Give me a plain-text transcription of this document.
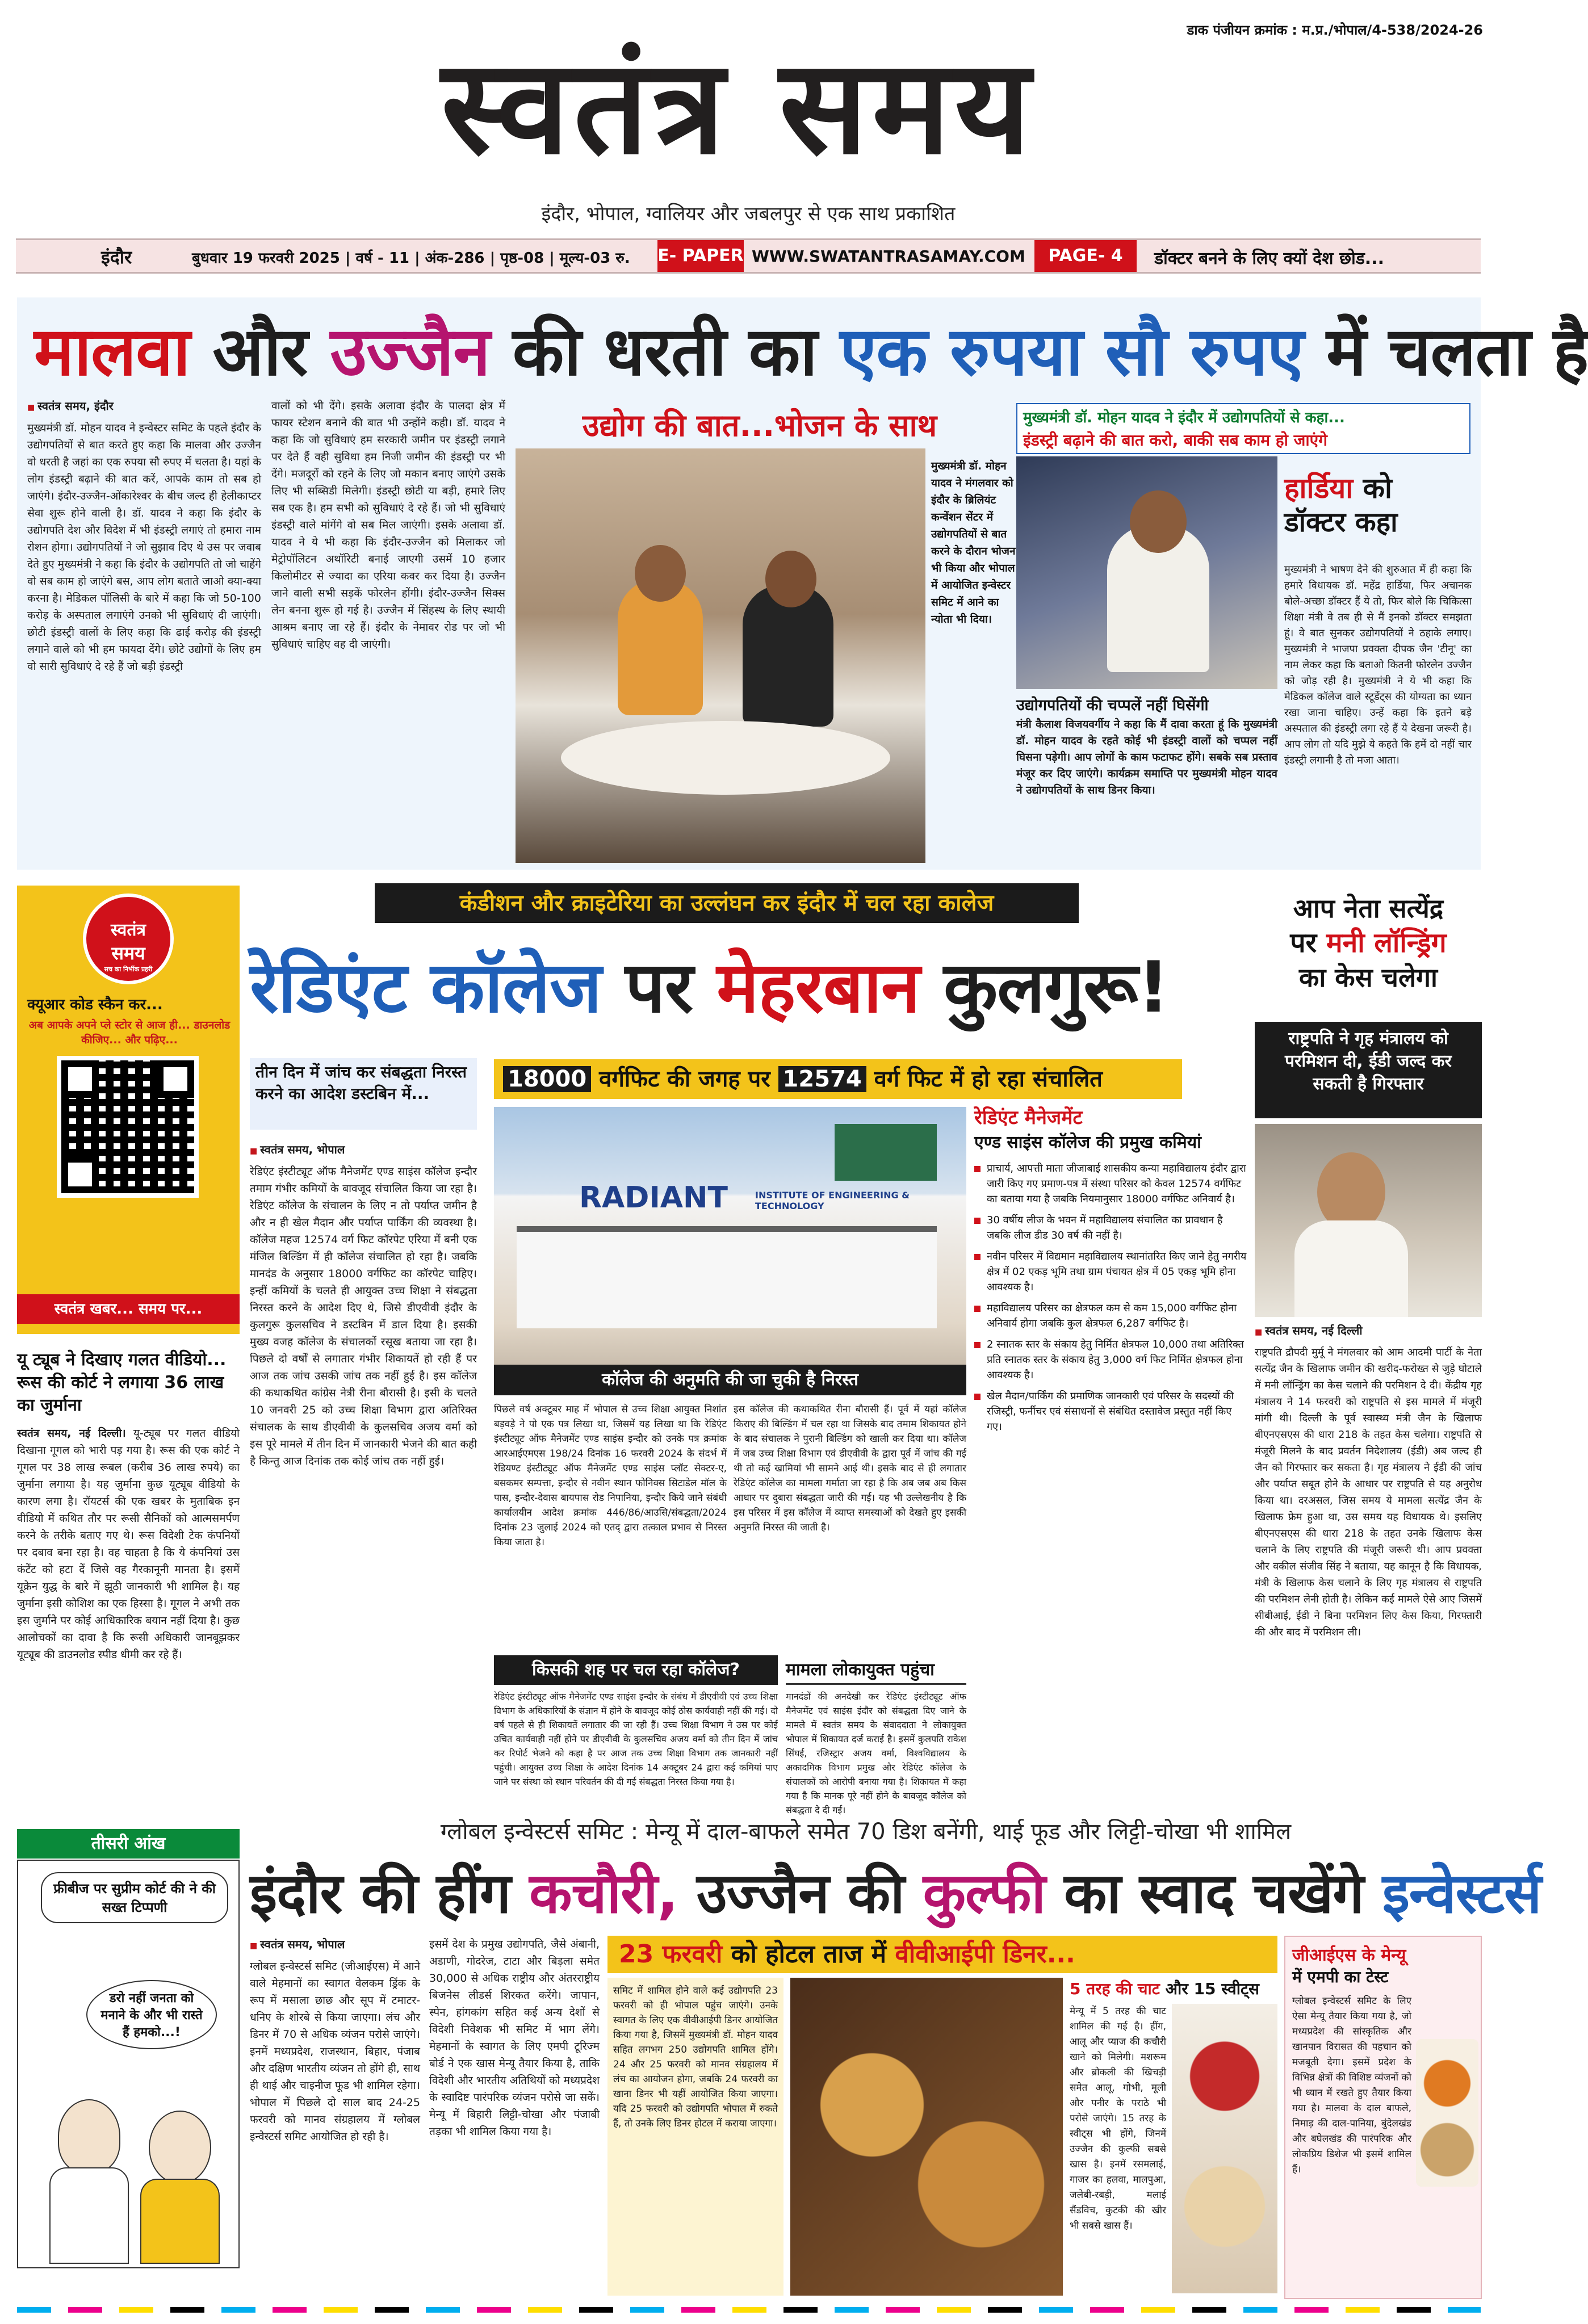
डाक पंजीयन क्रमांक : म.प्र./भोपाल/4-538/2024-26
स्वतंत्र समय
इंदौर, भोपाल, ग्वालियर और जबलपुर से एक साथ प्रकाशित
इंदौर	बुधवार 19 फरवरी 2025 | वर्ष - 11 | अंक-286 | पृष्ठ-08 | मूल्य-03 रु. E- PAPER WWW.SWATANTRASAMAY.COM	PAGE- 4	डॉक्टर बनने के लिए क्यों देश छोड...
मालवा और उज्जैन की धरती का एक रुपया सौ रुपए में चलता है
■ स्वतंत्र समय, इंदौर

मुख्यमंत्री डॉ. मोहन यादव ने इन्वेस्टर समिट के पहले इंदौर के उद्योगपतियों से बात करते हुए कहा कि मालवा और उज्जैन वो धरती है जहां का एक रुपया सौ रुपए में चलता है। यहां के लोग इंडस्ट्री बढ़ाने की बात करें, आपके काम तो सब हो जाएंगे। इंदौर-उज्जैन-ओंकारेश्वर के बीच जल्द ही हेलीकाप्टर सेवा शुरू होने वाली है। डॉ. यादव ने कहा कि इंदौर के उद्योगपति देश और विदेश में भी इंडस्ट्री लगाएं तो हमारा नाम रोशन होगा। उद्योगपतियों ने जो सुझाव दिए थे उस पर जवाब देते हुए मुख्यमंत्री ने कहा कि इंदौर के उद्योगपति तो जो चाहेंगे वो सब काम हो जाएंगे बस, आप लोग बताते जाओ क्या-क्या करना है। मेडिकल पॉलिसी के बारे में कहा कि जो 50-100 करोड़ के अस्पताल लगाएंगे उनको भी सुविधाएं दी जाएंगी। छोटी इंडस्ट्री वालों के लिए कहा कि ढाई करोड़ की इंडस्ट्री लगाने वाले को भी हम फायदा देंगे। छोटे उद्योगों के लिए हम वो सारी सुविधाएं दे रहे हैं जो बड़ी इंडस्ट्री

वालों को भी देंगे। इसके अलावा इंदौर के पालदा क्षेत्र में फायर स्टेशन बनाने की बात भी उन्होंने कही। डॉ. यादव ने कहा कि जो सुविधाएं हम सरकारी जमीन पर इंडस्ट्री लगाने पर देते हैं वही सुविधा हम निजी जमीन की इंडस्ट्री पर भी देंगे। मजदूरों को रहने के लिए जो मकान बनाए जाएंगे उसके लिए भी सब्सिडी मिलेगी। इंडस्ट्री छोटी या बड़ी, हमारे लिए सब एक है। हम सभी को सुविधाएं दे रहे हैं। जो भी सुविधाएं इंडस्ट्री वाले मांगेंगे वो सब मिल जाएंगी। इसके अलावा डॉ. यादव ने ये भी कहा कि इंदौर-उज्जैन को मिलाकर जो मेट्रोपॉलिटन अथॉरिटी बनाई जाएगी उसमें 10 हजार किलोमीटर से ज्यादा का एरिया कवर कर दिया है। उज्जैन जाने वाली सभी सड़कें फोरलेन होंगी। इंदौर-उज्जैन सिक्स लेन बनना शुरू हो गई है। उज्जैन में सिंहस्थ के लिए स्थायी आश्रम बनाए जा रहे हैं। इंदौर के नेमावर रोड पर जो भी सुविधाएं चाहिए वह दी जाएंगी।

उद्योग की बात...भोजन के साथ
मुख्यमंत्री डॉ. मोहन यादव ने मंगलवार को इंदौर के ब्रिलियंट कन्वेंशन सेंटर में उद्योगपतियों से बात करने के दौरान भोजन भी किया और भोपाल में आयोजित इन्वेस्टर समिट में आने का न्योता भी दिया।
मुख्यमंत्री डॉ. मोहन यादव ने इंदौर में उद्योगपतियों से कहा...
इंडस्ट्री बढ़ाने की बात करो, बाकी सब काम हो जाएंगे
हार्डिया को
डॉक्टर कहा
मुख्यमंत्री ने भाषण देने की शुरुआत में ही कहा कि हमारे विधायक डॉ. महेंद्र हार्डिया, फिर अचानक बोले-अच्छा डॉक्टर हैं ये तो, फिर बोले कि चिकित्सा शिक्षा मंत्री वे तब ही से मैं इनको डॉक्टर समझता हूं। वे बात सुनकर उद्योगपतियों ने ठहाके लगाए। मुख्यमंत्री ने भाजपा प्रवक्ता दीपक जैन 'टीनू' का नाम लेकर कहा कि बताओ कितनी फोरलेन उज्जैन को जोड़ रही है। मुख्यमंत्री ने ये भी कहा कि मेडिकल कॉलेज वाले स्टूडेंट्स की योग्यता का ध्यान रखा जाना चाहिए। उन्हें कहा कि इतने बड़े अस्पताल की इंडस्ट्री लगा रहे हैं ये देखना जरूरी है। आप लोग तो यदि मुझे ये कहते कि हमें दो नहीं चार इंडस्ट्री लगानी है तो मजा आता।
उद्योगपतियों की चप्पलें नहीं घिसेंगी
मंत्री कैलाश विजयवर्गीय ने कहा कि मैं दावा करता हूं कि मुख्यमंत्री डॉ. मोहन यादव के रहते कोई भी इंडस्ट्री वालों को चप्पल नहीं घिसना पड़ेगी। आप लोगों के काम फटाफट होंगे। सबके सब प्रस्ताव मंजूर कर दिए जाएंगे। कार्यक्रम समाप्ति पर मुख्यमंत्री मोहन यादव ने उद्योगपतियों के साथ डिनर किया।
स्वतंत्र
समय
सच का निर्भीक प्रहरी
क्यूआर कोड स्कैन कर...
अब आपके अपने प्ले स्टोर से आज ही... डाउनलोड कीजिए... और पढ़िए...
स्वतंत्र खबर... समय पर...
यू ट्यूब ने दिखाए गलत वीडियो... रूस की कोर्ट ने लगाया 36 लाख का जुर्माना
स्वतंत्र समय, नई दिल्ली। यू-ट्यूब पर गलत वीडियो दिखाना गूगल को भारी पड़ गया है। रूस की एक कोर्ट ने गूगल पर 38 लाख रूबल (करीब 36 लाख रुपये) का जुर्माना लगाया है। यह जुर्माना कुछ यूट्यूब वीडियो के कारण लगा है। रॉयटर्स की एक खबर के मुताबिक इन वीडियो में कथित तौर पर रूसी सैनिकों को आत्मसमर्पण करने के तरीके बताए गए थे। रूस विदेशी टेक कंपनियों पर दबाव बना रहा है। वह चाहता है कि ये कंपनियां उस कंटेंट को हटा दें जिसे वह गैरकानूनी मानता है। इसमें यूक्रेन युद्ध के बारे में झूठी जानकारी भी शामिल है। यह जुर्माना इसी कोशिश का एक हिस्सा है। गूगल ने अभी तक इस जुर्माने पर कोई आधिकारिक बयान नहीं दिया है। कुछ आलोचकों का दावा है कि रूसी अधिकारी जानबूझकर यूट्यूब की डाउनलोड स्पीड धीमी कर रहे हैं।
तीसरी आंख
फ्रीबीज पर सुप्रीम कोर्ट की ने की सख्त टिप्पणी
डरो नहीं जनता को मनाने के और भी रास्ते हैं हमको...!
कंडीशन और क्राइटेरिया का उल्लंघन कर इंदौर में चल रहा कालेज
रेडिएंट कॉलेज पर मेहरबान कुलगुरू!
तीन दिन में जांच कर संबद्धता निरस्त करने का आदेश डस्टबिन में...
■ स्वतंत्र समय, भोपाल

रेडिएंट इंस्टीट्यूट ऑफ मैनेजमेंट एण्ड साइंस कॉलेज इन्दौर तमाम गंभीर कमियों के बावजूद संचालित किया जा रहा है। रेडिएंट कॉलेज के संचालन के लिए न तो पर्याप्त जमीन है और न ही खेल मैदान और पर्याप्त पार्किंग की व्यवस्था है। कॉलेज महज 12574 वर्ग फिट कॉरपेट एरिया में बनी एक मंजिल बिल्डिंग में ही कॉलेज संचालित हो रहा है। जबकि मानदंड के अनुसार 18000 वर्गफिट का कॉरपेट चाहिए। इन्हीं कमियों के चलते ही आयुक्त उच्च शिक्षा ने संबद्धता निरस्त करने के आदेश दिए थे, जिसे डीएवीवी इंदौर के कुलगुरू कुलसचिव ने डस्टबिन में डाल दिया है। इसकी मुख्य वजह कॉलेज के संचालकों रसूख बताया जा रहा है। पिछले दो वर्षों से लगातार गंभीर शिकायतें हो रही हैं पर आज तक जांच उसकी जांच तक नहीं हुई है। इस कॉलेज की कथाकथित कांग्रेस नेत्री रीना बौरासी है। इसी के चलते 10 जनवरी 25 को उच्च शिक्षा विभाग द्वारा अतिरिक्त संचालक के साथ डीएवीवी के कुलसचिव अजय वर्मा को इस पूरे मामले में तीन दिन में जानकारी भेजने की बात कही है किन्तु आज दिनांक तक कोई जांच तक नहीं हुई।

18000 वर्गफिट की जगह पर 12574 वर्ग फिट में हो रहा संचालित
RADIANT	INSTITUTE OF ENGINEERING & TECHNOLOGY
कॉलेज की अनुमति की जा चुकी है निरस्त
पिछले वर्ष अक्टूबर माह में भोपाल से उच्च शिक्षा आयुक्त निशांत बड़वड़े ने पो एक पत्र लिखा था, जिसमें यह लिखा था कि रेडिएंट इंस्टीट्यूट ऑफ मैनेजमेंट एण्ड साइंस इन्दौर को उनके पत्र क्रमांक आरआईएमएस 198/24 दिनांक 16 फरवरी 2024 के संदर्भ में रेडियण्ट इंस्टीट्यूट ऑफ मैनेजमेंट एण्ड साइंस प्लॉट सेक्टर-ए, बसकमर सम्पत्ता, इन्दौर से नवीन स्थान फोनिक्स सिटाडेल मॉल के पास, इन्दौर-देवास बायपास रोड निपानिया, इन्दौर किये जाने संबंधी कार्यालयीन आदेश क्रमांक 446/86/आउसि/संबद्धता/2024 दिनांक 23 जुलाई 2024 को एतद् द्वारा तत्काल प्रभाव से निरस्त किया जाता है।
इस कॉलेज की कथाकथित रीना बौरासी हैं। पूर्व में यहां कॉलेज किराए की बिल्डिंग में चल रहा था जिसके बाद तमाम शिकायत होने के बाद संचालक ने पुरानी बिल्डिंग को खाली कर दिया था। कॉलेज में जब उच्च शिक्षा विभाग एवं डीएवीवी के द्वारा पूर्व में जांच की गई थी तो कई खामियां भी सामने आई थी। इसके बाद से ही लगातार रेडिएंट कॉलेज का मामला गर्माता जा रहा है कि अब जब अब किस आधार पर दुबारा संबद्धता जारी की गई। यह भी उल्लेखनीय है कि इस परिसर में इस कॉलेज में व्याप्त समस्याओं को देखते हुए इसकी अनुमति निरस्त की जाती है।
किसकी शह पर चल रहा कॉलेज?
रेडिएंट इंस्टीट्यूट ऑफ मैनेजमेंट एण्ड साइंस इन्दौर के संबंध में डीएवीवी एवं उच्च शिक्षा विभाग के अधिकारियों के संज्ञान में होने के बावजूद कोई ठोस कार्यवाही नहीं की गई। दो वर्ष पहले से ही शिकायतें लगातार की जा रही हैं। उच्च शिक्षा विभाग ने उस पर कोई उचित कार्यवाही नहीं होने पर डीएवीवी के कुलसचिव अजय वर्मा को तीन दिन में जांच कर रिपोर्ट भेजने को कहा है पर आज तक उच्च शिक्षा विभाग तक जानकारी नहीं पहुंची। आयुक्त उच्च शिक्षा के आदेश दिनांक 14 अक्टूबर 24 द्वारा कई कमियां पाए जाने पर संस्था को स्थान परिवर्तन की दी गई संबद्धता निरस्त किया गया है।
मामला लोकायुक्त पहुंचा
मानदंडों की अनदेखी कर रेडिएंट इंस्टीट्यूट ऑफ मैनेजमेंट एवं साइंस इंदौर को संबद्धता दिए जाने के मामले में स्वतंत्र समय के संवाददाता ने लोकायुक्त भोपाल में शिकायत दर्ज कराई है। इसमें कुलपति राकेश सिंघई, रजिस्ट्रार अजय वर्मा, विश्वविद्यालय के अकादमिक विभाग प्रमुख और रेडिएंट कॉलेज के संचालकों को आरोपी बनाया गया है। शिकायत में कहा गया है कि मानक पूरे नहीं होने के बावजूद कॉलेज को संबद्धता दे दी गई।
रेडिएंट मैनेजमेंट
एण्ड साइंस कॉलेज की प्रमुख कमियां
प्राचार्य, आपत्ती माता जीजाबाई शासकीय कन्या महाविद्यालय इंदौर द्वारा जारी किए गए प्रमाण-पत्र में संस्था परिसर को केवल 12574 वर्गफिट का बताया गया है जबकि नियमानुसार 18000 वर्गफिट अनिवार्य है।
30 वर्षीय लीज के भवन में महाविद्यालय संचालित का प्रावधान है जबकि लीज डीड 30 वर्ष की नहीं है।
नवीन परिसर में विद्यमान महाविद्यालय स्थानांतरित किए जाने हेतु नगरीय क्षेत्र में 02 एकड़ भूमि तथा ग्राम पंचायत क्षेत्र में 05 एकड़ भूमि होना आवश्यक है।
महाविद्यालय परिसर का क्षेत्रफल कम से कम 15,000 वर्गफिट होना अनिवार्य होगा जबकि कुल क्षेत्रफल 6,287 वर्गफिट है।
2 स्नातक स्तर के संकाय हेतु निर्मित क्षेत्रफल 10,000 तथा अतिरिक्त प्रति स्नातक स्तर के संकाय हेतु 3,000 वर्ग फिट निर्मित क्षेत्रफल होना आवश्यक है।
खेल मैदान/पार्किंग की प्रमाणिक जानकारी एवं परिसर के सदस्यों की रजिस्ट्री, फर्नीचर एवं संसाधनों से संबंधित दस्तावेज प्रस्तुत नहीं किए गए।
आप नेता सत्येंद्र
पर मनी लॉन्ड्रिंग
का केस चलेगा
राष्ट्रपति ने गृह मंत्रालय को परमिशन दी, ईडी जल्द कर सकती है गिरफ्तार
■ स्वतंत्र समय, नई दिल्ली

राष्ट्रपति द्रौपदी मुर्मू ने मंगलवार को आम आदमी पार्टी के नेता सत्येंद्र जैन के खिलाफ जमीन की खरीद-फरोख्त से जुड़े घोटाले में मनी लॉन्ड्रिंग का केस चलाने की परमिशन दे दी। केंद्रीय गृह मंत्रालय ने 14 फरवरी को राष्ट्रपति से इस मामले में मंजूरी मांगी थी। दिल्ली के पूर्व स्वास्थ्य मंत्री जैन के खिलाफ बीएनएसएस की धारा 218 के तहत केस चलेगा। राष्ट्रपति से मंजूरी मिलने के बाद प्रवर्तन निदेशालय (ईडी) अब जल्द ही जैन को गिरफ्तार कर सकता है। गृह मंत्रालय ने ईडी की जांच और पर्याप्त सबूत होने के आधार पर राष्ट्रपति से यह अनुरोध किया था। दरअसल, जिस समय ये मामला सत्येंद्र जैन के खिलाफ फ्रेम हुआ था, उस समय यह विधायक थे। इसलिए बीएनएसएस की धारा 218 के तहत उनके खिलाफ केस चलाने के लिए राष्ट्रपति की मंजूरी जरूरी थी। आप प्रवक्ता और वकील संजीव सिंह ने बताया, यह कानून है कि विधायक, मंत्री के खिलाफ केस चलाने के लिए गृह मंत्रालय से राष्ट्रपति की परमिशन लेनी होती है। लेकिन कई मामले ऐसे आए जिसमें सीबीआई, ईडी ने बिना परमिशन लिए केस किया, गिरफ्तारी की और बाद में परमिशन ली।

ग्लोबल इन्वेस्टर्स समिट : मेन्यू में दाल-बाफले समेत 70 डिश बनेंगी, थाई फूड और लिट्टी-चोखा भी शामिल
इंदौर की हींग कचौरी, उज्जैन की कुल्फी का स्वाद चखेंगे इन्वेस्टर्स
■ स्वतंत्र समय, भोपाल

ग्लोबल इन्वेस्टर्स समिट (जीआईएस) में आने वाले मेहमानों का स्वागत वेलकम ड्रिंक के रूप में मसाला छाछ और सूप में टमाटर-धनिए के शोरबे से किया जाएगा। लंच और डिनर में 70 से अधिक व्यंजन परोसे जाएंगे। इनमें मध्यप्रदेश, राजस्थान, बिहार, पंजाब और दक्षिण भारतीय व्यंजन तो होंगे ही, साथ ही थाई और चाइनीज फूड भी शामिल रहेगा। भोपाल में पिछले दो साल बाद 24-25 फरवरी को मानव संग्रहालय में ग्लोबल इन्वेस्टर्स समिट आयोजित हो रही है।

इसमें देश के प्रमुख उद्योगपति, जैसे अंबानी, अडाणी, गोदरेज, टाटा और बिड़ला समेत 30,000 से अधिक राष्ट्रीय और अंतरराष्ट्रीय बिजनेस लीडर्स शिरकत करेंगे। जापान, स्पेन, हांगकांग सहित कई अन्य देशों से विदेशी निवेशक भी समिट में भाग लेंगे। मेहमानों के स्वागत के लिए एमपी टूरिज्म बोर्ड ने एक खास मेन्यू तैयार किया है, ताकि विदेशी और भारतीय अतिथियों को मध्यप्रदेश के स्वादिष्ट पारंपरिक व्यंजन परोसे जा सकें। मेन्यू में बिहारी लिट्टी-चोखा और पंजाबी तड़का भी शामिल किया गया है।
23 फरवरी को होटल ताज में वीवीआईपी डिनर...
समिट में शामिल होने वाले कई उद्योगपति 23 फरवरी को ही भोपाल पहुंच जाएंगे। उनके स्वागत के लिए एक वीवीआईपी डिनर आयोजित किया गया है, जिसमें मुख्यमंत्री डॉ. मोहन यादव सहित लगभग 250 उद्योगपति शामिल होंगे। 24 और 25 फरवरी को मानव संग्रहालय में लंच का आयोजन होगा, जबकि 24 फरवरी का खाना डिनर भी यहीं आयोजित किया जाएगा। यदि 25 फरवरी को उद्योगपति भोपाल में रुकते हैं, तो उनके लिए डिनर होटल में कराया जाएगा।
5 तरह की चाट और 15 स्वीट्स
मेन्यू में 5 तरह की चाट शामिल की गई है। हींग, आलू और प्याज की कचौरी खाने को मिलेगी। मशरूम और ब्रोकली की खिचड़ी समेत आलू, गोभी, मूली और पनीर के पराठे भी परोसे जाएंगे। 15 तरह के स्वीट्स भी होंगे, जिनमें उज्जैन की कुल्फी सबसे खास है। इनमें रसमलाई, गाजर का हलवा, मालपुआ, जलेबी-रबड़ी, मलाई सैंडविच, कुटकी की खीर भी सबसे खास हैं।
जीआईएस के मेन्यू
में एमपी का टेस्ट
ग्लोबल इन्वेस्टर्स समिट के लिए ऐसा मेन्यू तैयार किया गया है, जो मध्यप्रदेश की सांस्कृतिक और खानपान विरासत की पहचान को मजबूती देगा। इसमें प्रदेश के विभिन्न क्षेत्रों की विशिष्ट व्यंजनों को भी ध्यान में रखते हुए तैयार किया गया है। मालवा के दाल बाफले, निमाड़ की दाल-पानिया, बुंदेलखंड और बघेलखंड की पारंपरिक और लोकप्रिय डिशेज भी इसमें शामिल हैं।
